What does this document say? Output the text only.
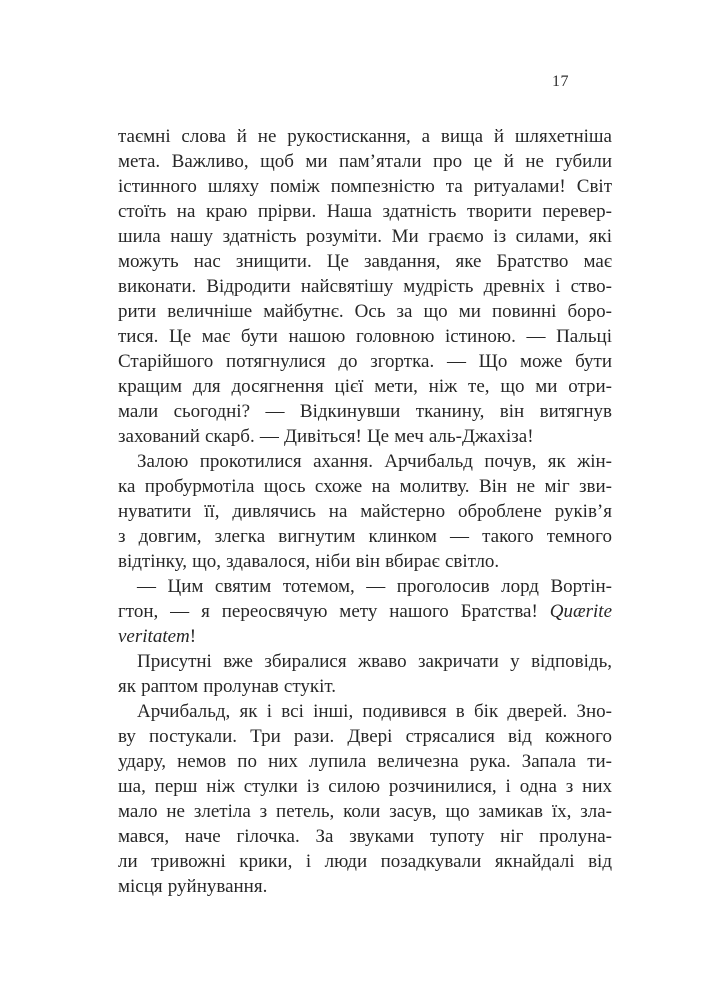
17
таємні слова й не рукостискання, а вища й шляхетніша
мета. Важливо, щоб ми пам’ятали про це й не губили
істинного шляху поміж помпезністю та ритуалами! Світ
стоїть на краю прірви. Наша здатність творити перевер-
шила нашу здатність розуміти. Ми граємо із силами, які
можуть нас знищити. Це завдання, яке Братство має
виконати. Відродити найсвятішу мудрість древніх і ство-
рити величніше майбутнє. Ось за що ми повинні боро-
тися. Це має бути нашою головною істиною. — Пальці
Старійшого потягнулися до згортка. — Що може бути
кращим для досягнення цієї мети, ніж те, що ми отри-
мали сьогодні? — Відкинувши тканину, він витягнув
захований скарб. — Дивіться! Це меч аль-Джахіза!
Залою прокотилися ахання. Арчибальд почув, як жін-
ка пробурмотіла щось схоже на молитву. Він не міг зви-
нуватити її, дивлячись на майстерно оброблене руків’я
з довгим, злегка вигнутим клинком — такого темного
відтінку, що, здавалося, ніби він вбирає світло.
— Цим святим тотемом, — проголосив лорд Вортін-
гтон, — я переосвячую мету нашого Братства! Quærite
veritatem!
Присутні вже збиралися жваво закричати у відповідь,
як раптом пролунав стукіт.
Арчибальд, як і всі інші, подивився в бік дверей. Зно-
ву постукали. Три рази. Двері стрясалися від кожного
удару, немов по них лупила величезна рука. Запала ти-
ша, перш ніж стулки із силою розчинилися, і одна з них
мало не злетіла з петель, коли засув, що замикав їх, зла-
мався, наче гілочка. За звуками тупоту ніг пролуна-
ли тривожні крики, і люди позадкували якнайдалі від
місця руйнування.
